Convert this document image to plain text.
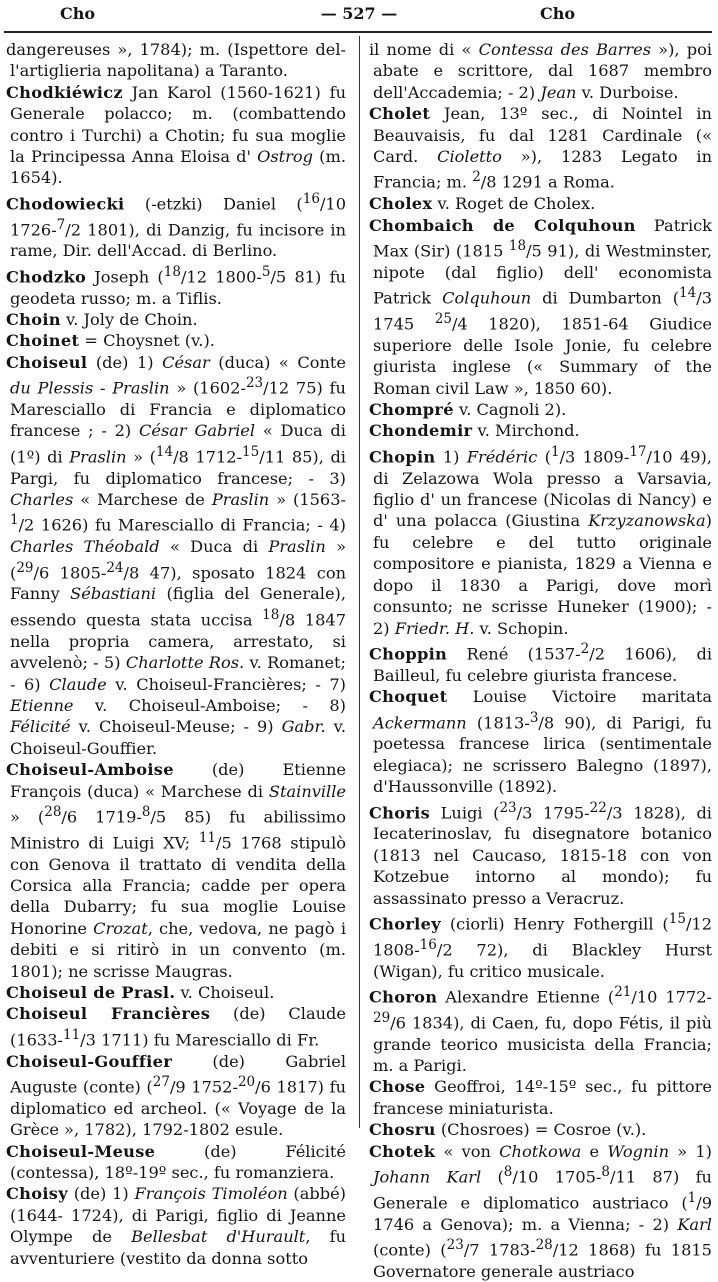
Cho	— 527 —	Cho
dangereuses », 1784); m. (Ispettore del-l'artiglieria napolitana) a Taranto.
Chodkiéwicz Jan Karol (1560-1621) fu Generale polacco; m. (combattendo contro i Turchi) a Chotin; fu sua moglie la Principessa Anna Eloisa d' Ostrog (m. 1654).
Chodowiecki (-etzki) Daniel ($^{16}$/10 1726-$^7$/2 1801), di Danzig, fu incisore in rame, Dir. dell'Accad. di Berlino.
Chodzko Joseph ($^{18}$/12 1800-$^5$/5 81) fu geodeta russo; m. a Tiflis.
Choin v. Joly de Choin.
Choinet = Choysnet (v.).
Choiseul (de) 1) César (duca) « Conte du Plessis - Praslin » (1602-$^{23}$/12 75) fu Maresciallo di Francia e diplomatico francese ; - 2) César Gabriel « Duca di (1º) di Praslin » ($^{14}$/8 1712-$^{15}$/11 85), di Pargi, fu diplomatico francese; - 3) Charles « Marchese de Praslin » (1563-$^1$/2 1626) fu Maresciallo di Francia; - 4) Charles Théobald « Duca di Praslin » ($^{29}$/6 1805-$^{24}$/8 47), sposato 1824 con Fanny Sébastiani (figlia del Generale), essendo questa stata uccisa $^{18}$/8 1847 nella propria camera, arrestato, si avvelenò; - 5) Charlotte Ros. v. Romanet; - 6) Claude v. Choiseul-Francières; - 7) Etienne v. Choiseul-Amboise; - 8) Félicité v. Choiseul-Meuse; - 9) Gabr. v. Choiseul-Gouffier.
Choiseul-Amboise (de) Etienne François (duca) « Marchese di Stainville » ($^{28}$/6 1719-$^8$/5 85) fu abilissimo Ministro di Luigi XV; $^{11}$/5 1768 stipulò con Genova il trattato di vendita della Corsica alla Francia; cadde per opera della Dubarry; fu sua moglie Louise Honorine Crozat, che, vedova, ne pagò i debiti e si ritirò in un convento (m. 1801); ne scrisse Maugras.
Choiseul de Prasl. v. Choiseul.
Choiseul Francières (de) Claude (1633-$^{11}$/3 1711) fu Maresciallo di Fr.
Choiseul-Gouffier (de) Gabriel Auguste (conte) ($^{27}$/9 1752-$^{20}$/6 1817) fu diplomatico ed archeol. (« Voyage de la Grèce », 1782), 1792-1802 esule.
Choiseul-Meuse (de) Félicité (contessa), 18º-19º sec., fu romanziera.
Choisy (de) 1) François Timoléon (abbé) (1644- 1724), di Parigi, figlio di Jeanne Olympe de Bellesbat d'Hurault, fu avventuriere (vestito da donna sotto
il nome di « Contessa des Barres »), poi abate e scrittore, dal 1687 membro dell'Accademia; - 2) Jean v. Durboise.
Cholet Jean, 13º sec., di Nointel in Beauvaisis, fu dal 1281 Cardinale (« Card. Cioletto »), 1283 Legato in Francia; m. $^2$/8 1291 a Roma.
Cholex v. Roget de Cholex.
Chombaich de Colquhoun Patrick Max (Sir) (1815 $^{18}$/5 91), di Westminster, nipote (dal figlio) dell' economista Patrick Colquhoun di Dumbarton ($^{14}$/3 1745 $^{25}$/4 1820), 1851-64 Giudice superiore delle Isole Jonie, fu celebre giurista inglese (« Summary of the Roman civil Law », 1850 60).
Chompré v. Cagnoli 2).
Chondemir v. Mirchond.
Chopin 1) Frédéric ($^1$/3 1809-$^{17}$/10 49), di Zelazowa Wola presso a Varsavia, figlio d' un francese (Nicolas di Nancy) e d' una polacca (Giustina Krzyzanowska) fu celebre e del tutto originale compositore e pianista, 1829 a Vienna e dopo il 1830 a Parigi, dove morì consunto; ne scrisse Huneker (1900); - 2) Friedr. H. v. Schopin.
Choppin René (1537-$^2$/2 1606), di Bailleul, fu celebre giurista francese.
Choquet Louise Victoire maritata Ackermann (1813-$^3$/8 90), di Parigi, fu poetessa francese lirica (sentimentale elegiaca); ne scrissero Balegno (1897), d'Haussonville (1892).
Choris Luigi ($^{23}$/3 1795-$^{22}$/3 1828), di Iecaterinoslav, fu disegnatore botanico (1813 nel Caucaso, 1815-18 con von Kotzebue intorno al mondo); fu assassinato presso a Veracruz.
Chorley (ciorli) Henry Fothergill ($^{15}$/12 1808-$^{16}$/2 72), di Blackley Hurst (Wigan), fu critico musicale.
Choron Alexandre Etienne ($^{21}$/10 1772-$^{29}$/6 1834), di Caen, fu, dopo Fétis, il più grande teorico musicista della Francia; m. a Parigi.
Chose Geoffroi, 14º-15º sec., fu pittore francese miniaturista.
Chosru (Chosroes) = Cosroe (v.).
Chotek « von Chotkowa e Wognin » 1) Johann Karl ($^8$/10 1705-$^8$/11 87) fu Generale e diplomatico austriaco ($^1$/9 1746 a Genova); m. a Vienna; - 2) Karl (conte) ($^{23}$/7 1783-$^{28}$/12 1868) fu 1815 Governatore generale austriaco
